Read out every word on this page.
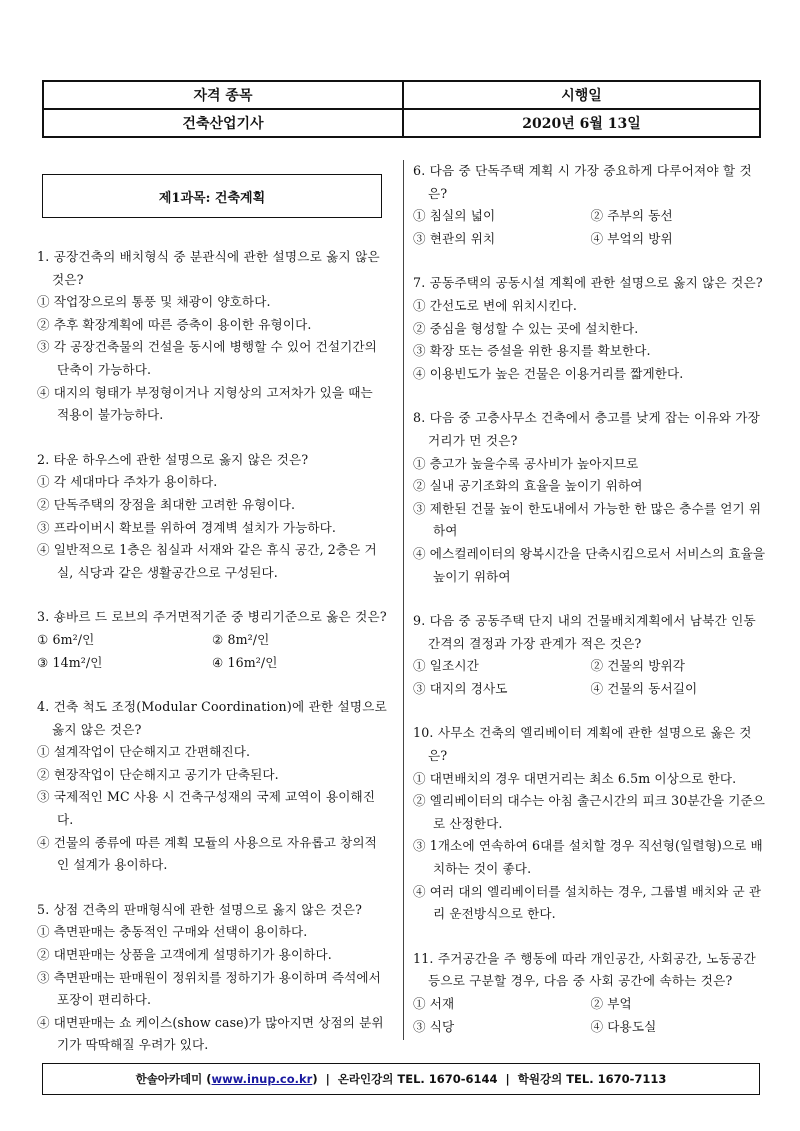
자격 종목	시행일
건축산업기사	2020년 6월 13일
제1과목: 건축계획
1. 공장건축의 배치형식 중 분관식에 관한 설명으로 옳지 않은 것은?
① 작업장으로의 통풍 및 채광이 양호하다.
② 추후 확장계획에 따른 증축이 용이한 유형이다.
③ 각 공장건축물의 건설을 동시에 병행할 수 있어 건설기간의 단축이 가능하다.
④ 대지의 형태가 부정형이거나 지형상의 고저차가 있을 때는 적용이 불가능하다.
2. 타운 하우스에 관한 설명으로 옳지 않은 것은?
① 각 세대마다 주차가 용이하다.
② 단독주택의 장점을 최대한 고려한 유형이다.
③ 프라이버시 확보를 위하여 경계벽 설치가 가능하다.
④ 일반적으로 1층은 침실과 서재와 같은 휴식 공간, 2층은 거실, 식당과 같은 생활공간으로 구성된다.
3. 숑바르 드 로브의 주거면적기준 중 병리기준으로 옳은 것은?
① 6m²/인	② 8m²/인
③ 14m²/인	④ 16m²/인
4. 건축 척도 조정(Modular Coordination)에 관한 설명으로 옳지 않은 것은?
① 설계작업이 단순해지고 간편해진다.
② 현장작업이 단순해지고 공기가 단축된다.
③ 국제적인 MC 사용 시 건축구성재의 국제 교역이 용이해진다.
④ 건물의 종류에 따른 계획 모듈의 사용으로 자유롭고 창의적인 설계가 용이하다.
5. 상점 건축의 판매형식에 관한 설명으로 옳지 않은 것은?
① 측면판매는 충동적인 구매와 선택이 용이하다.
② 대면판매는 상품을 고객에게 설명하기가 용이하다.
③ 측면판매는 판매원이 정위치를 정하기가 용이하며 즉석에서 포장이 편리하다.
④ 대면판매는 쇼 케이스(show case)가 많아지면 상점의 분위기가 딱딱해질 우려가 있다.
6. 다음 중 단독주택 계획 시 가장 중요하게 다루어져야 할 것은?
① 침실의 넓이	② 주부의 동선
③ 현관의 위치	④ 부엌의 방위
7. 공동주택의 공동시설 계획에 관한 설명으로 옳지 않은 것은?
① 간선도로 변에 위치시킨다.
② 중심을 형성할 수 있는 곳에 설치한다.
③ 확장 또는 증설을 위한 용지를 확보한다.
④ 이용빈도가 높은 건물은 이용거리를 짧게한다.
8. 다음 중 고층사무소 건축에서 층고를 낮게 잡는 이유와 가장 거리가 먼 것은?
① 층고가 높을수록 공사비가 높아지므로
② 실내 공기조화의 효율을 높이기 위하여
③ 제한된 건물 높이 한도내에서 가능한 한 많은 층수를 얻기 위하여
④ 에스컬레이터의 왕복시간을 단축시킴으로서 서비스의 효율을 높이기 위하여
9. 다음 중 공동주택 단지 내의 건물배치계획에서 남북간 인동간격의 결정과 가장 관계가 적은 것은?
① 일조시간	② 건물의 방위각
③ 대지의 경사도	④ 건물의 동서길이
10. 사무소 건축의 엘리베이터 계획에 관한 설명으로 옳은 것은?
① 대면배치의 경우 대면거리는 최소 6.5m 이상으로 한다.
② 엘리베이터의 대수는 아침 출근시간의 피크 30분간을 기준으로 산정한다.
③ 1개소에 연속하여 6대를 설치할 경우 직선형(일렬형)으로 배치하는 것이 좋다.
④ 여러 대의 엘리베이터를 설치하는 경우, 그룹별 배치와 군 관리 운전방식으로 한다.
11. 주거공간을 주 행동에 따라 개인공간, 사회공간, 노동공간 등으로 구분할 경우, 다음 중 사회 공간에 속하는 것은?
① 서재	② 부엌
③ 식당	④ 다용도실
한솔아카데미 ( www.inup.co.kr )  |  온라인강의 TEL. 1670-6144  |  학원강의 TEL. 1670-7113
